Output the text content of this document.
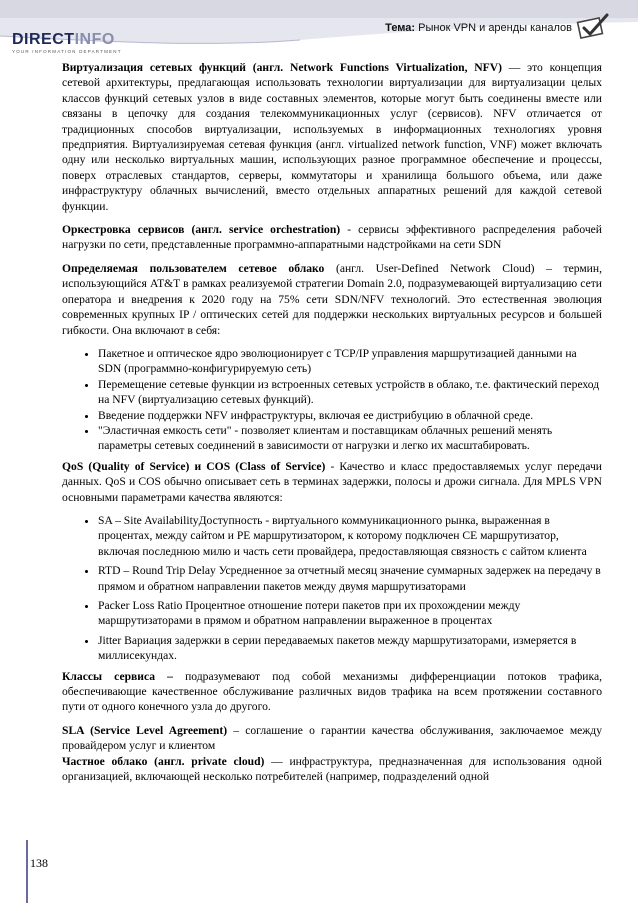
Тема: Рынок VPN и аренды каналов
DIRECTINFO
YOUR INFORMATION DEPARTMENT

Виртуализация сетевых функций (англ. Network Functions Virtualization, NFV) — это концепция сетевой архитектуры, предлагающая использовать технологии виртуализации для виртуализации целых классов функций сетевых узлов в виде составных элементов, которые могут быть соединены вместе или связаны в цепочку для создания телекоммуникационных услуг (сервисов). NFV отличается от традиционных способов виртуализации, используемых в информационных технологиях уровня предприятия. Виртуализируемая сетевая функция (англ. virtualized network function, VNF) может включать одну или несколько виртуальных машин, использующих разное программное обеспечение и процессы, поверх отраслевых стандартов, серверы, коммутаторы и хранилища большого объема, или даже инфраструктуру облачных вычислений, вместо отдельных аппаратных решений для каждой сетевой функции.

Оркестровка сервисов (англ. service orchestration) - сервисы эффективного распределения рабочей нагрузки по сети, представленные программно-аппаратными надстройками на сети SDN

Определяемая пользователем сетевое облако (англ. User-Defined Network Cloud) – термин, использующийся AT&T в рамках реализуемой стратегии Domain 2.0, подразумевающей виртуализацию сети оператора и внедрения к 2020 году на 75% сети SDN/NFV технологий. Это естественная эволюция современных крупных IP / оптических сетей для поддержки нескольких виртуальных ресурсов и большей гибкости. Она включают в себя:

• Пакетное и оптическое ядро эволюционирует с TCP/IP управления маршрутизацией данными на SDN (программно-конфигурируемую сеть)
• Перемещение сетевые функции из встроенных сетевых устройств в облако, т.е. фактический переход на NFV (виртуализацию сетевых функций).
• Введение поддержки NFV инфраструктуры, включая ее дистрибуцию в облачной среде.
• "Эластичная емкость сети" - позволяет клиентам и поставщикам облачных решений менять параметры сетевых соединений в зависимости от нагрузки и легко их масштабировать.

QoS (Quality of Service) и COS (Class of Service) - Качество и класс предоставляемых услуг передачи данных. QoS и COS обычно описывает сеть в терминах задержки, полосы и дрожи сигнала. Для MPLS VPN основными параметрами качества являются:

• SA – Site AvailabilityДоступность - виртуального коммуникационного рынка, выраженная в процентах, между сайтом и PE маршрутизатором, к которому подключен CE маршрутизатор, включая последнюю милю и часть сети провайдера, предоставляющая связность с сайтом клиента
• RTD – Round Trip Delay Усредненное за отчетный месяц значение суммарных задержек на передачу в прямом и обратном направлении пакетов между двумя маршрутизаторами
• Packer Loss Ratio Процентное отношение потери пакетов при их прохождении между маршрутизаторами в прямом и обратном направлении выраженное в процентах
• Jitter Вариация задержки в серии передаваемых пакетов между маршрутизаторами, измеряется в миллисекундах.

Классы сервиса – подразумевают под собой механизмы дифференциации потоков трафика, обеспечивающие качественное обслуживание различных видов трафика на всем протяжении составного пути от одного конечного узла до другого.

SLA (Service Level Agreement) – соглашение о гарантии качества обслуживания, заключаемое между провайдером услуг и клиентом

Частное облако (англ. private cloud) — инфраструктура, предназначенная для использования одной организацией, включающей несколько потребителей (например, подразделений одной

138
